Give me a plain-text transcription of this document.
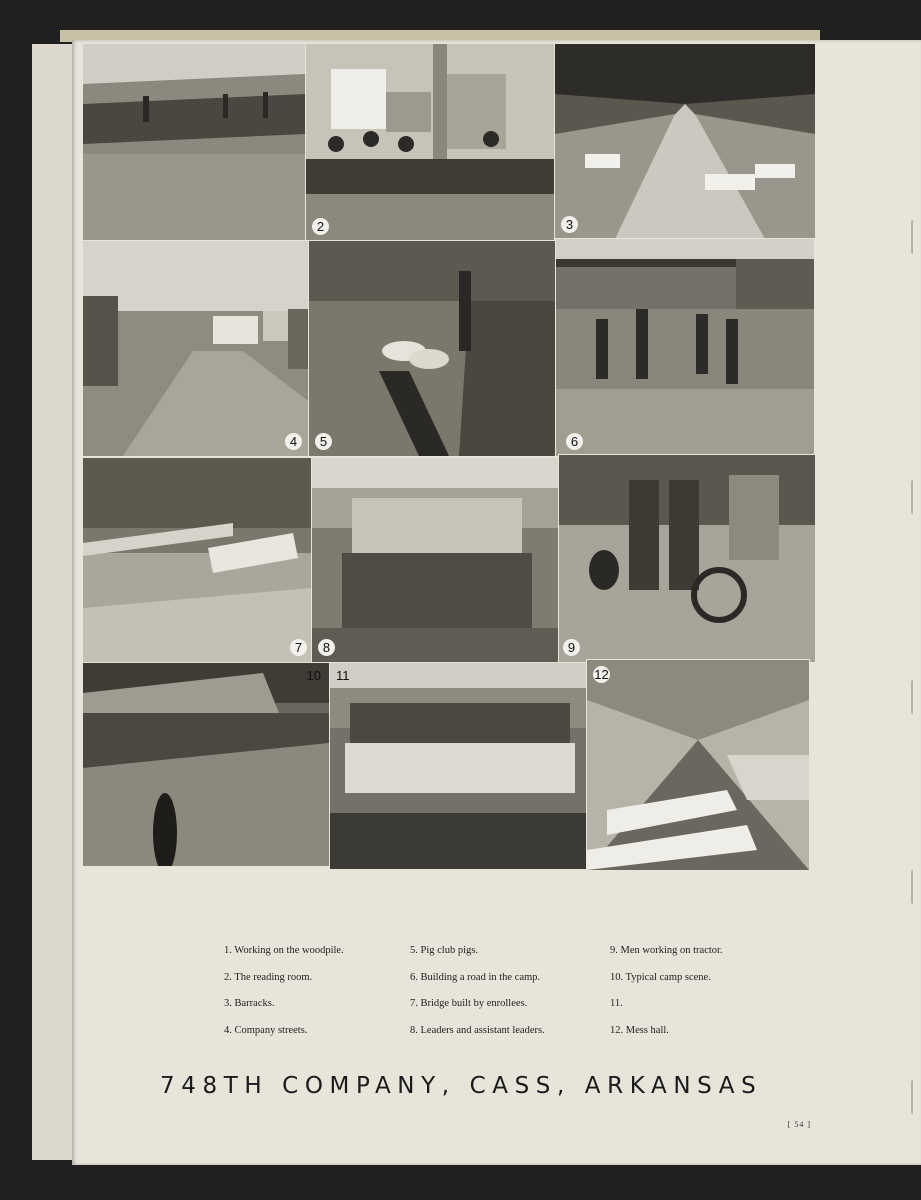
2	3
4	5	6
7	8	9
10 11	12
1. Working on the woodpile.
2. The reading room.
3. Barracks.
4. Company streets.
5. Pig club pigs.
6. Building a road in the camp.
7. Bridge built by enrollees.
8. Leaders and assistant leaders.
9. Men working on tractor.
10. Typical camp scene.
11.
12. Mess hall.
748TH COMPANY, CASS, ARKANSAS
[ 54 ]
